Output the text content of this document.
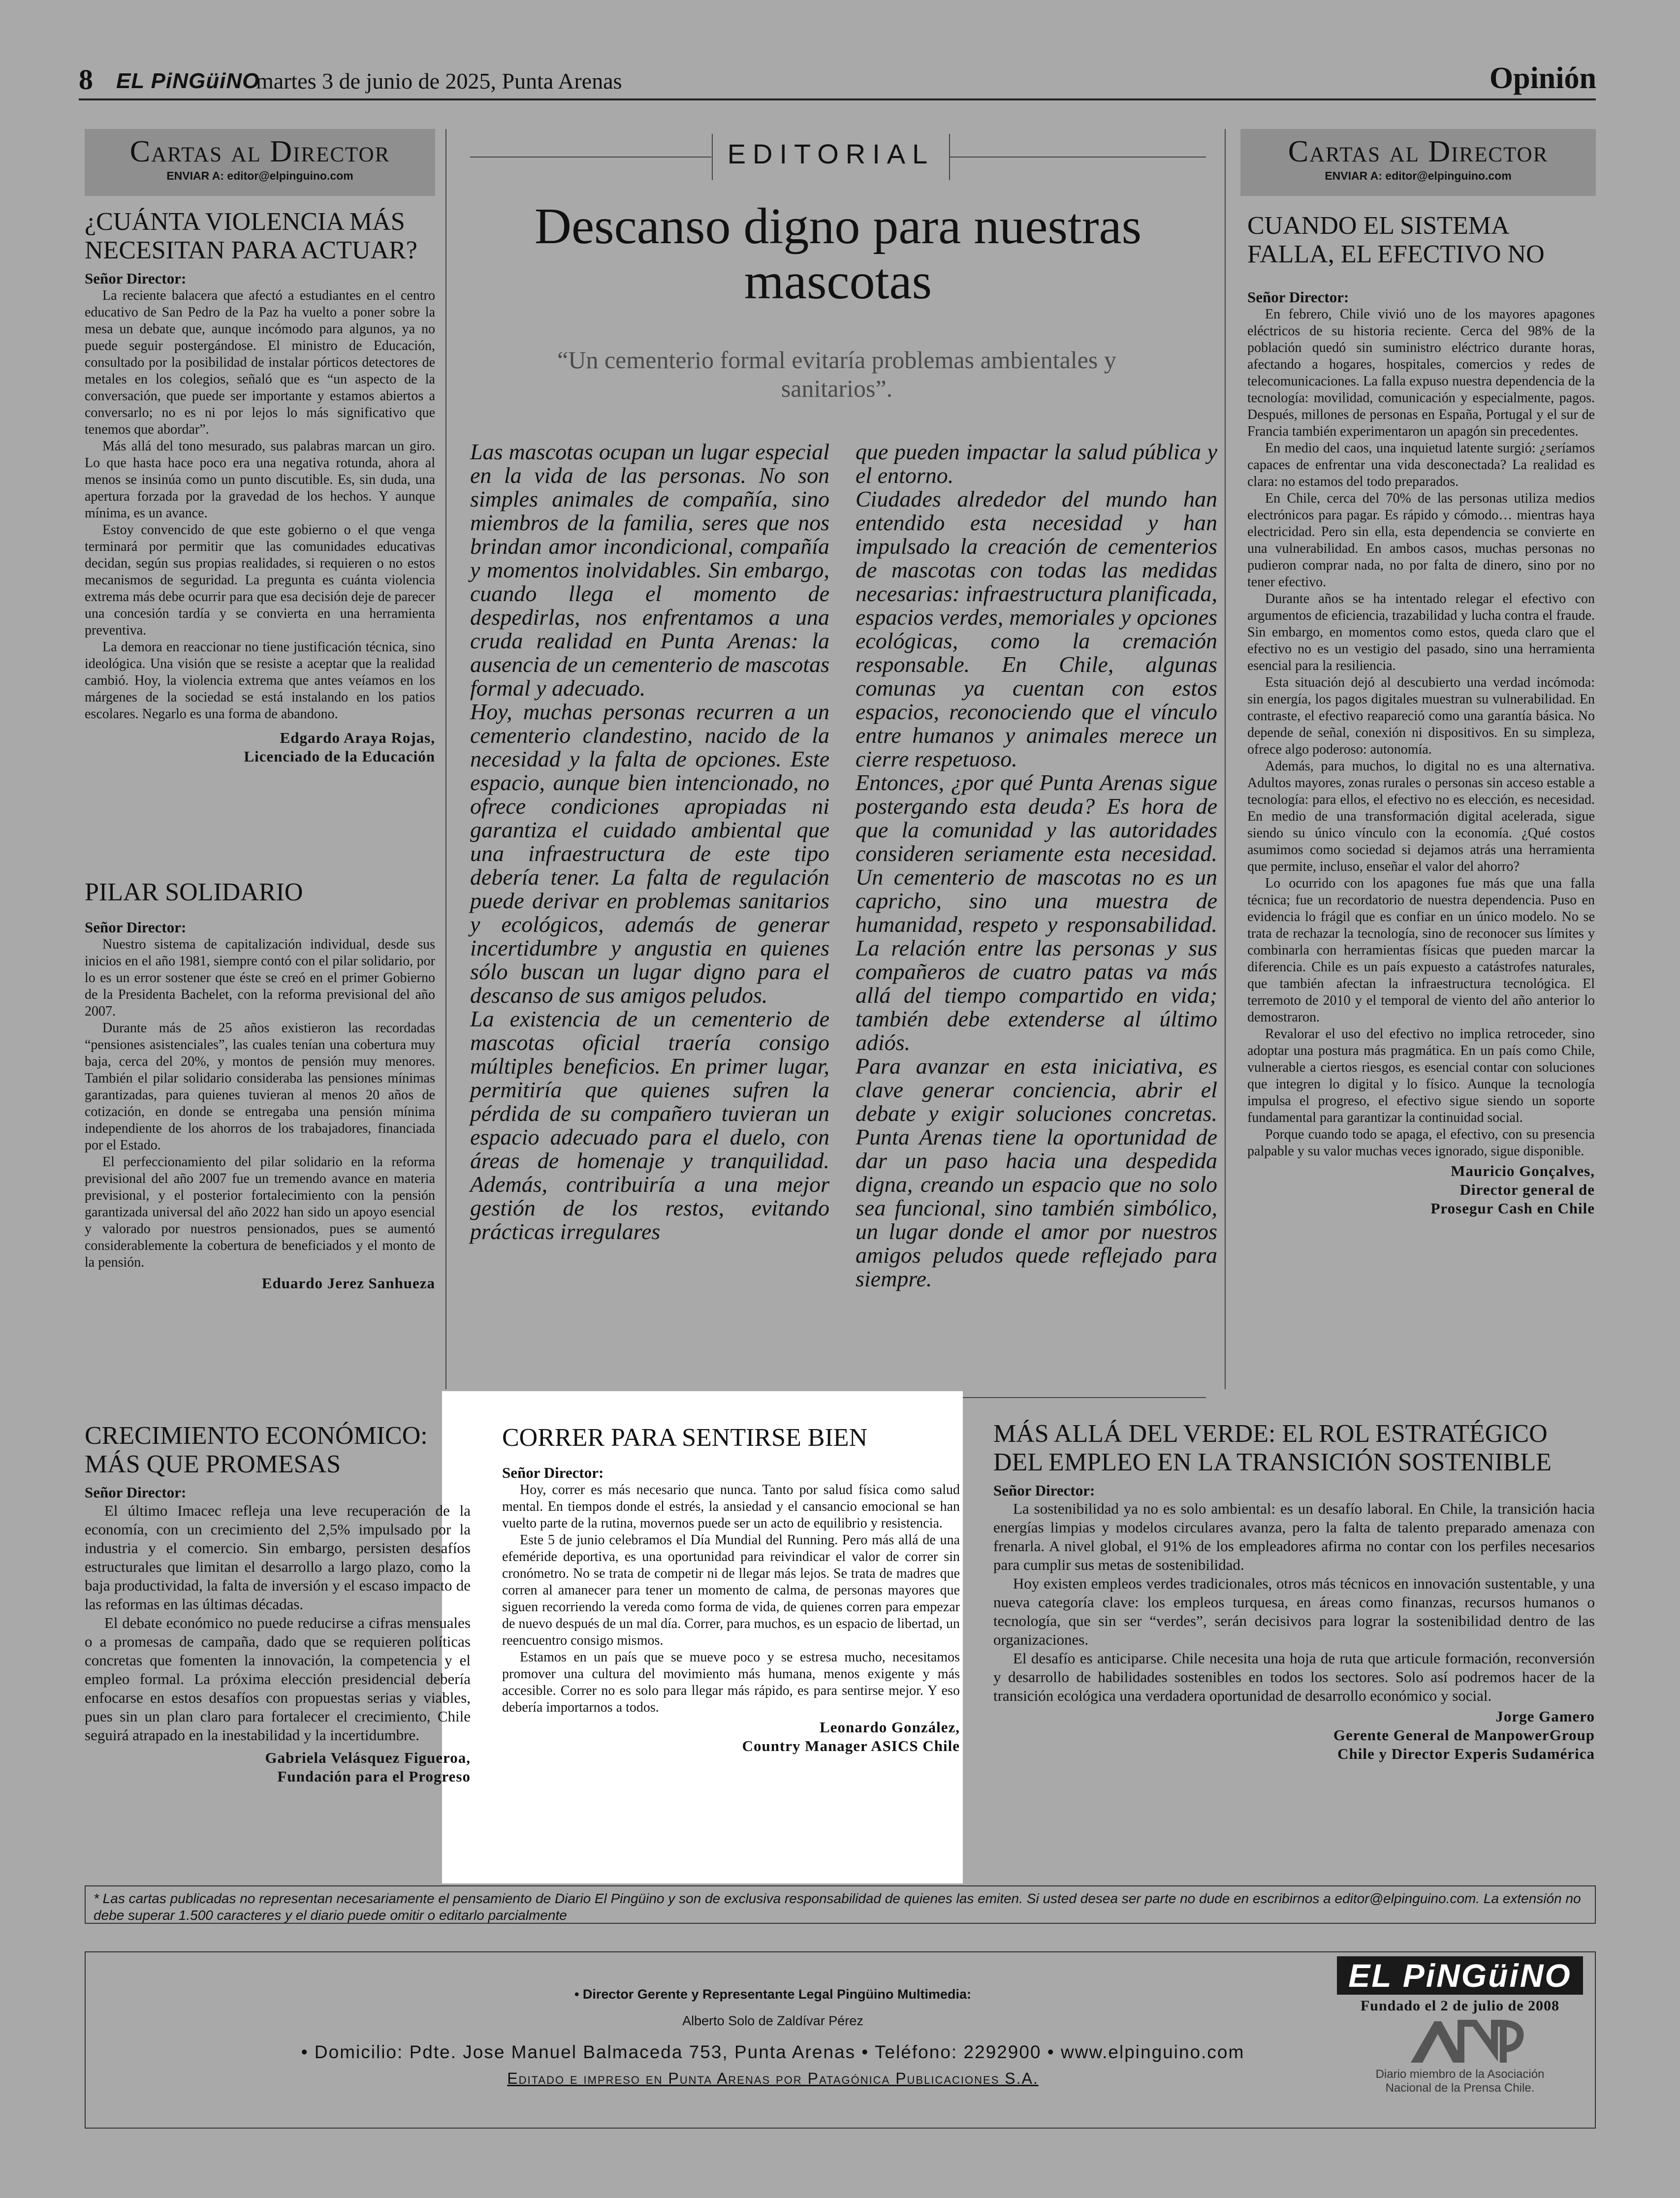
8 EL PiNGüiNO
martes 3 de junio de 2025, Punta Arenas	Opinión
Cartas al Director
ENVIAR A: editor@elpinguino.com
¿CUÁNTA VIOLENCIA MÁS NECESITAN PARA ACTUAR?
Señor Director:

La reciente balacera que afectó a estudiantes en el centro educativo de San Pedro de la Paz ha vuelto a poner sobre la mesa un debate que, aunque incómodo para algunos, ya no puede seguir postergándose. El ministro de Educación, consultado por la posibilidad de instalar pórticos detectores de metales en los colegios, señaló que es “un aspecto de la conversación, que puede ser importante y estamos abiertos a conversarlo; no es ni por lejos lo más significativo que tenemos que abordar”.

Más allá del tono mesurado, sus palabras marcan un giro. Lo que hasta hace poco era una negativa rotunda, ahora al menos se insinúa como un punto discutible. Es, sin duda, una apertura forzada por la gravedad de los hechos. Y aunque mínima, es un avance.

Estoy convencido de que este gobierno o el que venga terminará por permitir que las comunidades educativas decidan, según sus propias realidades, si requieren o no estos mecanismos de seguridad. La pregunta es cuánta violencia extrema más debe ocurrir para que esa decisión deje de parecer una concesión tardía y se convierta en una herramienta preventiva.

La demora en reaccionar no tiene justificación técnica, sino ideológica. Una visión que se resiste a aceptar que la realidad cambió. Hoy, la violencia extrema que antes veíamos en los márgenes de la sociedad se está instalando en los patios escolares. Negarlo es una forma de abandono.

Edgardo Araya Rojas,
Licenciado de la Educación
PILAR SOLIDARIO
Señor Director:

Nuestro sistema de capitalización individual, desde sus inicios en el año 1981, siempre contó con el pilar solidario, por lo es un error sostener que éste se creó en el primer Gobierno de la Presidenta Bachelet, con la reforma previsional del año 2007.

Durante más de 25 años existieron las recordadas “pensiones asistenciales”, las cuales tenían una cobertura muy baja, cerca del 20%, y montos de pensión muy menores. También el pilar solidario consideraba las pensiones mínimas garantizadas, para quienes tuvieran al menos 20 años de cotización, en donde se entregaba una pensión mínima independiente de los ahorros de los trabajadores, financiada por el Estado.

El perfeccionamiento del pilar solidario en la reforma previsional del año 2007 fue un tremendo avance en materia previsional, y el posterior fortalecimiento con la pensión garantizada universal del año 2022 han sido un apoyo esencial y valorado por nuestros pensionados, pues se aumentó considerablemente la cobertura de beneficiados y el monto de la pensión.

Eduardo Jerez Sanhueza
EDITORIAL
Descanso digno para nuestras mascotas
“Un cementerio formal evitaría problemas ambientales y sanitarios”.

Las mascotas ocupan un lugar especial en la vida de las personas. No son simples animales de compañía, sino miembros de la familia, seres que nos brindan amor incondicional, compañía y momentos inolvidables. Sin embargo, cuando llega el momento de despedirlas, nos enfrentamos a una cruda realidad en Punta Arenas: la ausencia de un cementerio de mascotas formal y adecuado.

Hoy, muchas personas recurren a un cementerio clandestino, nacido de la necesidad y la falta de opciones. Este espacio, aunque bien intencionado, no ofrece condiciones apropiadas ni garantiza el cuidado ambiental que una infraestructura de este tipo debería tener. La falta de regulación puede derivar en problemas sanitarios y ecológicos, además de generar incertidumbre y angustia en quienes sólo buscan un lugar digno para el descanso de sus amigos peludos.

La existencia de un cementerio de mascotas oficial traería consigo múltiples beneficios. En primer lugar, permitiría que quienes sufren la pérdida de su compañero tuvieran un espacio adecuado para el duelo, con áreas de homenaje y tranquilidad. Además, contribuiría a una mejor gestión de los restos, evitando prácticas irregulares

que pueden impactar la salud pública y el entorno.

Ciudades alrededor del mundo han entendido esta necesidad y han impulsado la creación de cementerios de mascotas con todas las medidas necesarias: infraestructura planificada, espacios verdes, memoriales y opciones ecológicas, como la cremación responsable. En Chile, algunas comunas ya cuentan con estos espacios, reconociendo que el vínculo entre humanos y animales merece un cierre respetuoso.

Entonces, ¿por qué Punta Arenas sigue postergando esta deuda? Es hora de que la comunidad y las autoridades consideren seriamente esta necesidad. Un cementerio de mascotas no es un capricho, sino una muestra de humanidad, respeto y responsabilidad. La relación entre las personas y sus compañeros de cuatro patas va más allá del tiempo compartido en vida; también debe extenderse al último adiós.

Para avanzar en esta iniciativa, es clave generar conciencia, abrir el debate y exigir soluciones concretas. Punta Arenas tiene la oportunidad de dar un paso hacia una despedida digna, creando un espacio que no solo sea funcional, sino también simbólico, un lugar donde el amor por nuestros amigos peludos quede reflejado para siempre.

Cartas al Director
ENVIAR A: editor@elpinguino.com
CUANDO EL SISTEMA FALLA, EL EFECTIVO NO
Señor Director:

En febrero, Chile vivió uno de los mayores apagones eléctricos de su historia reciente. Cerca del 98% de la población quedó sin suministro eléctrico durante horas, afectando a hogares, hospitales, comercios y redes de telecomunicaciones. La falla expuso nuestra dependencia de la tecnología: movilidad, comunicación y especialmente, pagos. Después, millones de personas en España, Portugal y el sur de Francia también experimentaron un apagón sin precedentes.

En medio del caos, una inquietud latente surgió: ¿seríamos capaces de enfrentar una vida desconectada? La realidad es clara: no estamos del todo preparados.

En Chile, cerca del 70% de las personas utiliza medios electrónicos para pagar. Es rápido y cómodo… mientras haya electricidad. Pero sin ella, esta dependencia se convierte en una vulnerabilidad. En ambos casos, muchas personas no pudieron comprar nada, no por falta de dinero, sino por no tener efectivo.

Durante años se ha intentado relegar el efectivo con argumentos de eficiencia, trazabilidad y lucha contra el fraude. Sin embargo, en momentos como estos, queda claro que el efectivo no es un vestigio del pasado, sino una herramienta esencial para la resiliencia.

Esta situación dejó al descubierto una verdad incómoda: sin energía, los pagos digitales muestran su vulnerabilidad. En contraste, el efectivo reapareció como una garantía básica. No depende de señal, conexión ni dispositivos. En su simpleza, ofrece algo poderoso: autonomía.

Además, para muchos, lo digital no es una alternativa. Adultos mayores, zonas rurales o personas sin acceso estable a tecnología: para ellos, el efectivo no es elección, es necesidad. En medio de una transformación digital acelerada, sigue siendo su único vínculo con la economía. ¿Qué costos asumimos como sociedad si dejamos atrás una herramienta que permite, incluso, enseñar el valor del ahorro?

Lo ocurrido con los apagones fue más que una falla técnica; fue un recordatorio de nuestra dependencia. Puso en evidencia lo frágil que es confiar en un único modelo. No se trata de rechazar la tecnología, sino de reconocer sus límites y combinarla con herramientas físicas que pueden marcar la diferencia. Chile es un país expuesto a catástrofes naturales, que también afectan la infraestructura tecnológica. El terremoto de 2010 y el temporal de viento del año anterior lo demostraron.

Revalorar el uso del efectivo no implica retroceder, sino adoptar una postura más pragmática. En un país como Chile, vulnerable a ciertos riesgos, es esencial contar con soluciones que integren lo digital y lo físico. Aunque la tecnología impulsa el progreso, el efectivo sigue siendo un soporte fundamental para garantizar la continuidad social.

Porque cuando todo se apaga, el efectivo, con su presencia palpable y su valor muchas veces ignorado, sigue disponible.

Mauricio Gonçalves,
Director general de
Prosegur Cash en Chile
CRECIMIENTO ECONÓMICO: MÁS QUE PROMESAS
Señor Director:

El último Imacec refleja una leve recuperación de la economía, con un crecimiento del 2,5% impulsado por la industria y el comercio. Sin embargo, persisten desafíos estructurales que limitan el desarrollo a largo plazo, como la baja productividad, la falta de inversión y el escaso impacto de las reformas en las últimas décadas.

El debate económico no puede reducirse a cifras mensuales o a promesas de campaña, dado que se requieren políticas concretas que fomenten la innovación, la competencia y el empleo formal. La próxima elección presidencial debería enfocarse en estos desafíos con propuestas serias y viables, pues sin un plan claro para fortalecer el crecimiento, Chile seguirá atrapado en la inestabilidad y la incertidumbre.

Gabriela Velásquez Figueroa,
Fundación para el Progreso
CORRER PARA SENTIRSE BIEN
Señor Director:

Hoy, correr es más necesario que nunca. Tanto por salud física como salud mental. En tiempos donde el estrés, la ansiedad y el cansancio emocional se han vuelto parte de la rutina, movernos puede ser un acto de equilibrio y resistencia.

Este 5 de junio celebramos el Día Mundial del Running. Pero más allá de una efeméride deportiva, es una oportunidad para reivindicar el valor de correr sin cronómetro. No se trata de competir ni de llegar más lejos. Se trata de madres que corren al amanecer para tener un momento de calma, de personas mayores que siguen recorriendo la vereda como forma de vida, de quienes corren para empezar de nuevo después de un mal día. Correr, para muchos, es un espacio de libertad, un reencuentro consigo mismos.

Estamos en un país que se mueve poco y se estresa mucho, necesitamos promover una cultura del movimiento más humana, menos exigente y más accesible. Correr no es solo para llegar más rápido, es para sentirse mejor. Y eso debería importarnos a todos.

Leonardo González,
Country Manager ASICS Chile
MÁS ALLÁ DEL VERDE: EL ROL ESTRATÉGICO DEL EMPLEO EN LA TRANSICIÓN SOSTENIBLE
Señor Director:

La sostenibilidad ya no es solo ambiental: es un desafío laboral. En Chile, la transición hacia energías limpias y modelos circulares avanza, pero la falta de talento preparado amenaza con frenarla. A nivel global, el 91% de los empleadores afirma no contar con los perfiles necesarios para cumplir sus metas de sostenibilidad.

Hoy existen empleos verdes tradicionales, otros más técnicos en innovación sustentable, y una nueva categoría clave: los empleos turquesa, en áreas como finanzas, recursos humanos o tecnología, que sin ser “verdes”, serán decisivos para lograr la sostenibilidad dentro de las organizaciones.

El desafío es anticiparse. Chile necesita una hoja de ruta que articule formación, reconversión y desarrollo de habilidades sostenibles en todos los sectores. Solo así podremos hacer de la transición ecológica una verdadera oportunidad de desarrollo económico y social.

Jorge Gamero
Gerente General de ManpowerGroup
Chile y Director Experis Sudamérica
* Las cartas publicadas no representan necesariamente el pensamiento de Diario El Pingüino y son de exclusiva responsabilidad de quienes las emiten. Si usted desea ser parte no dude en escribirnos a editor@elpinguino.com. La extensión no debe superar 1.500 caracteres y el diario puede omitir o editarlo parcialmente
• Director Gerente y Representante Legal Pingüino Multimedia:
Alberto Solo de Zaldívar Pérez
• Domicilio: Pdte. Jose Manuel Balmaceda 753, Punta Arenas • Teléfono: 2292900 • www.elpinguino.com
Editado e impreso en Punta Arenas por Patagónica Publicaciones S.A.
EL PiNGüiNO
Fundado el 2 de julio de 2008
Diario miembro de la Asociación Nacional de la Prensa Chile.
